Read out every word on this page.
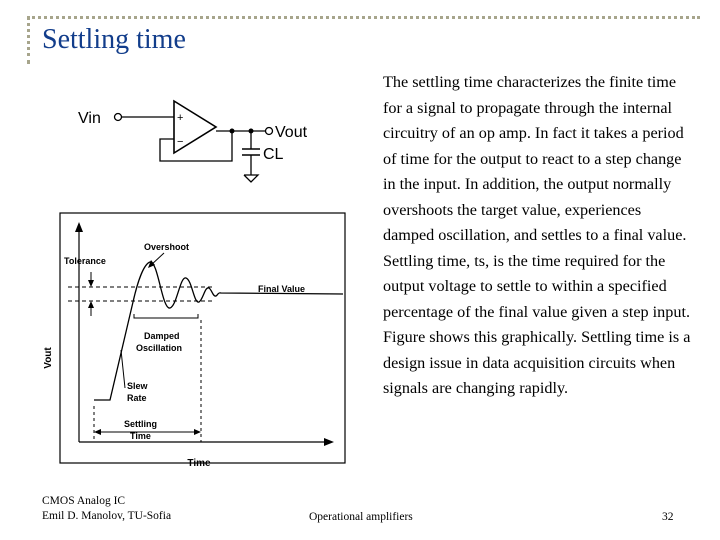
Settling time
The settling time characterizes the finite time for a signal to propagate through the internal circuitry of an op amp. In fact it takes a period of time for the output to react to a step change in the input. In addition, the output normally overshoots the target value, experiences damped oscillation, and settles to a final value. Settling time, ts, is the time required for the output voltage to settle to within a specified percentage of the final value given a step input. Figure shows this graphically. Settling time is a design issue in data acquisition circuits when signals are changing rapidly.
Vin	+
−
Vout
CL
Vout
Time
Tolerance
Final Value
Overshoot
Damped
Oscillation
Slew
Rate
Settling
Time
CMOS Analog IC
Emil D. Manolov, TU-Sofia	Operational amplifiers	32
